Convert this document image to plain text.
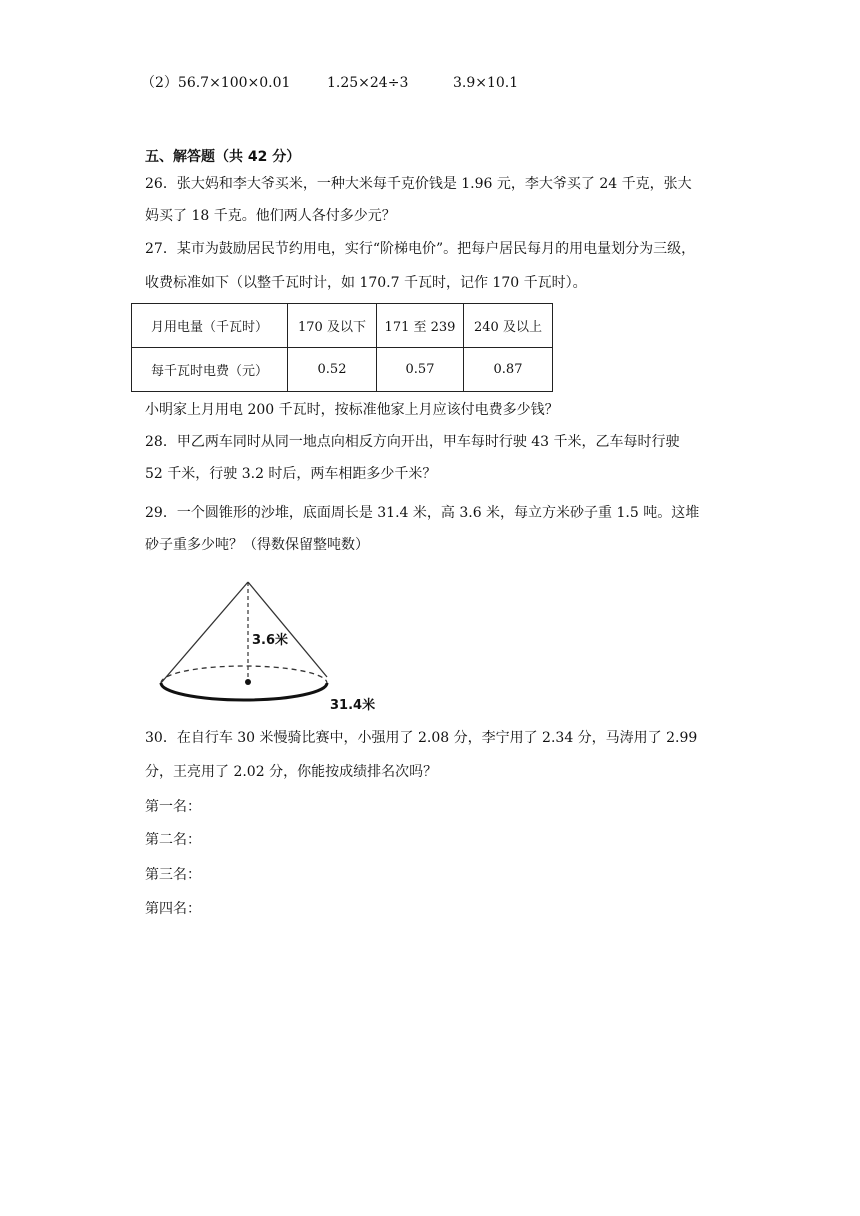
（2）56.7×100×0.01	1.25×24÷3	3.9×10.1
五、解答题（共 42 分）
26．张大妈和李大爷买米，一种大米每千克价钱是 1.96 元，李大爷买了 24 千克，张大
妈买了 18 千克。他们两人各付多少元？
27．某市为鼓励居民节约用电，实行“阶梯电价”。把每户居民每月的用电量划分为三级，
收费标准如下（以整千瓦时计，如 170.7 千瓦时，记作 170 千瓦时）。
月用电量（千瓦时）	170 及以下	171 至 239	240 及以上
每千瓦时电费（元）	0.52	0.57	0.87
小明家上月用电 200 千瓦时，按标准他家上月应该付电费多少钱？
28．甲乙两车同时从同一地点向相反方向开出，甲车每时行驶 43 千米，乙车每时行驶
52 千米，行驶 3.2 时后，两车相距多少千米？
29．一个圆锥形的沙堆，底面周长是 31.4 米，高 3.6 米，每立方米砂子重 1.5 吨。这堆
砂子重多少吨？（得数保留整吨数）
3.6米
31.4米
30．在自行车 30 米慢骑比赛中，小强用了 2.08 分，李宁用了 2.34 分，马涛用了 2.99
分，王亮用了 2.02 分，你能按成绩排名次吗？
第一名：
第二名：
第三名：
第四名：
